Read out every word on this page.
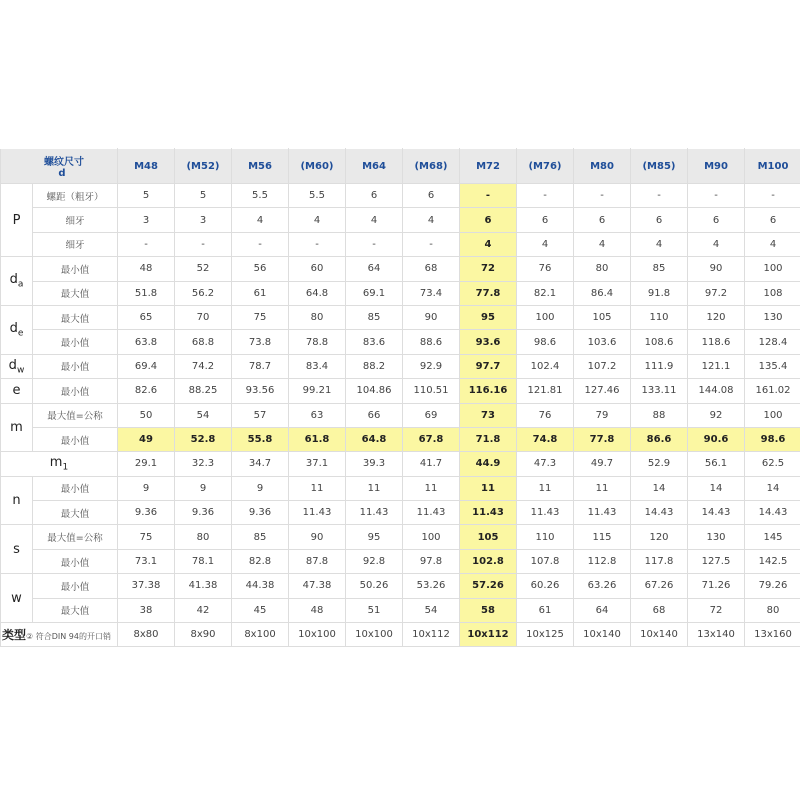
螺纹尺寸
d		M48	(M52)	M56	(M60)	M64	(M68)	M72	(M76)	M80	(M85)	M90	M100
P	螺距（粗牙）	5	5	5.5	5.5	6	6	-	-	-	-	-	-
	细牙	3	3	4	4	4	4	6	6	6	6	6	6
	细牙	-	-	-	-	-	-	4	4	4	4	4	4
$d_a$	最小值	48	52	56	60	64	68	72	76	80	85	90	100
	最大值	51.8	56.2	61	64.8	69.1	73.4	77.8	82.1	86.4	91.8	97.2	108
$d_e$	最大值	65	70	75	80	85	90	95	100	105	110	120	130
	最小值	63.8	68.8	73.8	78.8	83.6	88.6	93.6	98.6	103.6	108.6	118.6	128.4
$d_w$	最小值	69.4	74.2	78.7	83.4	88.2	92.9	97.7	102.4	107.2	111.9	121.1	135.4
e	最小值	82.6	88.25	93.56	99.21	104.86	110.51	116.16	121.81	127.46	133.11	144.08	161.02
m	最大值=公称	50	54	57	63	66	69	73	76	79	88	92	100
	最小值	49	52.8	55.8	61.8	64.8	67.8	71.8	74.8	77.8	86.6	90.6	98.6
$m_1$		29.1	32.3	34.7	37.1	39.3	41.7	44.9	47.3	49.7	52.9	56.1	62.5
n	最小值	9	9	9	11	11	11	11	11	11	14	14	14
	最大值	9.36	9.36	9.36	11.43	11.43	11.43	11.43	11.43	11.43	14.43	14.43	14.43
s	最大值=公称	75	80	85	90	95	100	105	110	115	120	130	145
	最小值	73.1	78.1	82.8	87.8	92.8	97.8	102.8	107.8	112.8	117.8	127.5	142.5
w	最小值	37.38	41.38	44.38	47.38	50.26	53.26	57.26	60.26	63.26	67.26	71.26	79.26
	最大值	38	42	45	48	51	54	58	61	64	68	72	80
类型② 符合DIN 94的开口销		8x80	8x90	8x100	10x100	10x100	10x112	10x112	10x125	10x140	10x140	13x140	13x160
